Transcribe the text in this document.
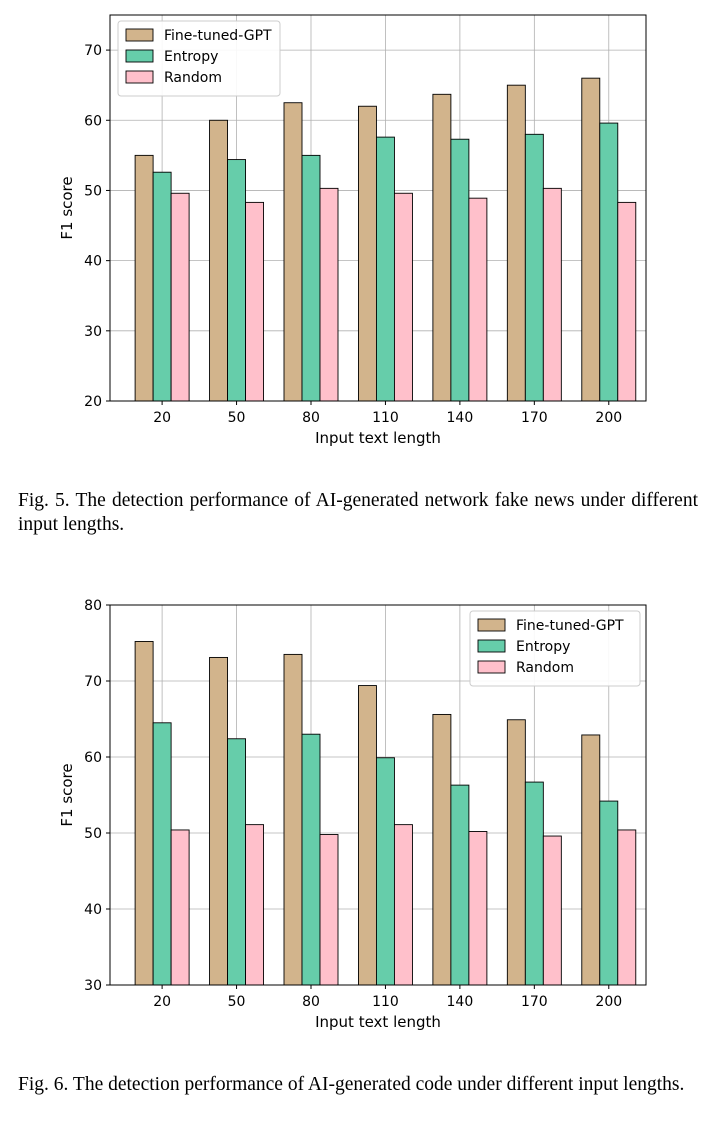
20
30
40
50
60
70
20	50	80	110	140	170	200
Input text length
F1 score
Fine-tuned-GPT
Entropy
Random
Fig. 5. The detection performance of AI-generated network fake news under different input lengths.
30
40
50
60
70
80
20	50	80	110	140	170	200
Input text length
F1 score
Fine-tuned-GPT
Entropy
Random
Fig. 6. The detection performance of AI-generated code under different input lengths.
